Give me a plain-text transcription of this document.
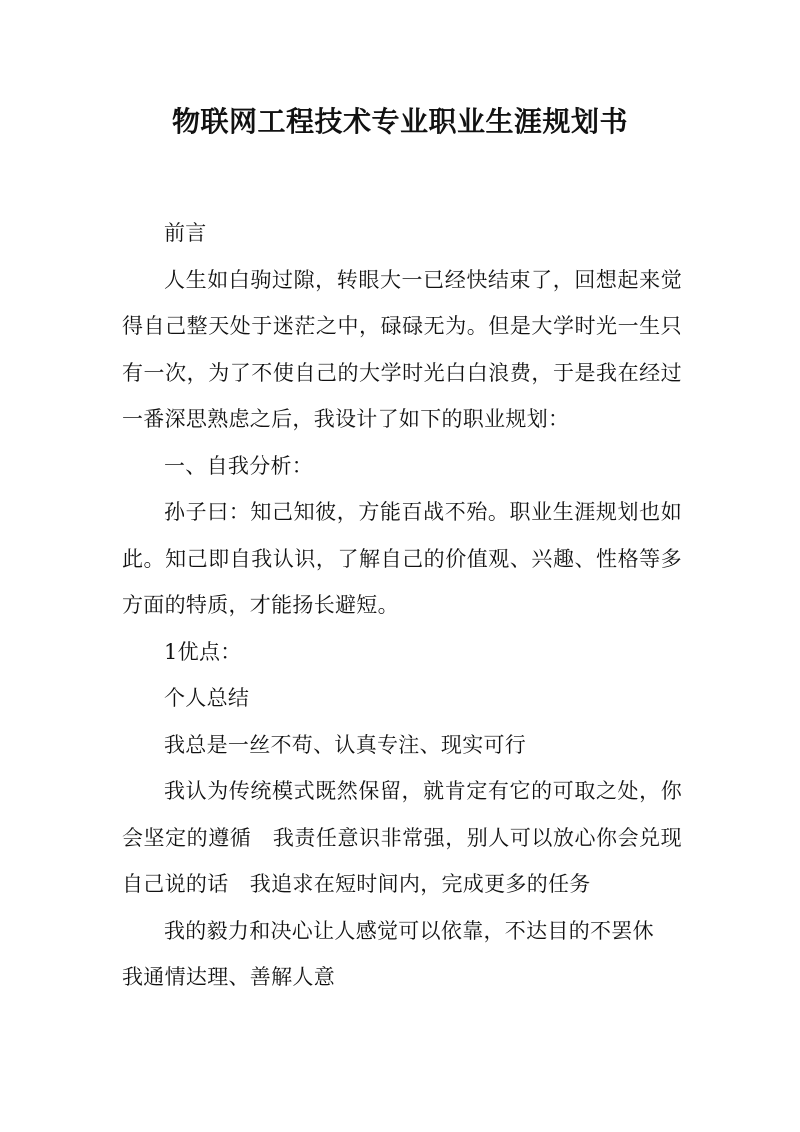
物联网工程技术专业职业生涯规划书

前言

人生如白驹过隙，转眼大一已经快结束了，回想起来觉得自己整天处于迷茫之中，碌碌无为。但是大学时光一生只有一次，为了不使自己的大学时光白白浪费，于是我在经过一番深思熟虑之后，我设计了如下的职业规划：

一、自我分析：

孙子曰：知己知彼，方能百战不殆。职业生涯规划也如此。知己即自我认识，了解自己的价值观、兴趣、性格等多方面的特质，才能扬长避短。

1优点：

个人总结

我总是一丝不苟、认真专注、现实可行

我认为传统模式既然保留，就肯定有它的可取之处，你会坚定的遵循　我责任意识非常强，别人可以放心你会兑现自己说的话　我追求在短时间内，完成更多的任务

我的毅力和决心让人感觉可以依靠，不达目的不罢休
我通情达理、善解人意
